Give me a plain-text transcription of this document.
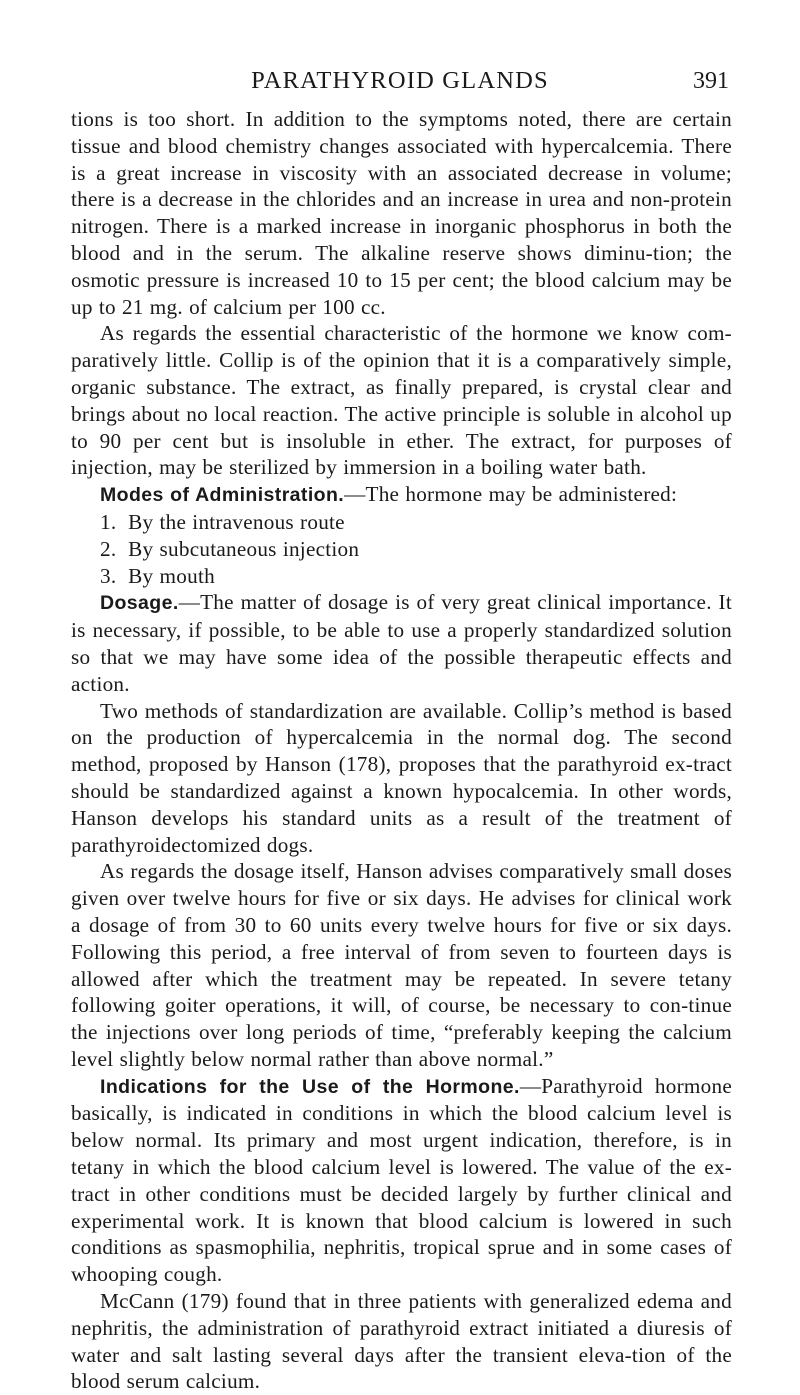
PARATHYROID GLANDS	391

tions is too short. In addition to the symptoms noted, there are certain tissue and blood chemistry changes associated with hypercalcemia. There is a great increase in viscosity with an associated decrease in volume; there is a decrease in the chlorides and an increase in urea and non-protein nitrogen. There is a marked increase in inorganic phosphorus in both the blood and in the serum. The alkaline reserve shows diminu-tion; the osmotic pressure is increased 10 to 15 per cent; the blood calcium may be up to 21 mg. of calcium per 100 cc.

As regards the essential characteristic of the hormone we know com-paratively little. Collip is of the opinion that it is a comparatively simple, organic substance. The extract, as finally prepared, is crystal clear and brings about no local reaction. The active principle is soluble in alcohol up to 90 per cent but is insoluble in ether. The extract, for purposes of injection, may be sterilized by immersion in a boiling water bath.

Modes of Administration.—The hormone may be administered:

1. By the intravenous route
2. By subcutaneous injection
3. By mouth

Dosage.—The matter of dosage is of very great clinical importance. It is necessary, if possible, to be able to use a properly standardized solution so that we may have some idea of the possible therapeutic effects and action.

Two methods of standardization are available. Collip’s method is based on the production of hypercalcemia in the normal dog. The second method, proposed by Hanson (178), proposes that the parathyroid ex-tract should be standardized against a known hypocalcemia. In other words, Hanson develops his standard units as a result of the treatment of parathyroidectomized dogs.

As regards the dosage itself, Hanson advises comparatively small doses given over twelve hours for five or six days. He advises for clinical work a dosage of from 30 to 60 units every twelve hours for five or six days. Following this period, a free interval of from seven to fourteen days is allowed after which the treatment may be repeated. In severe tetany following goiter operations, it will, of course, be necessary to con-tinue the injections over long periods of time, “preferably keeping the calcium level slightly below normal rather than above normal.”

Indications for the Use of the Hormone.—Parathyroid hormone basically, is indicated in conditions in which the blood calcium level is below normal. Its primary and most urgent indication, therefore, is in tetany in which the blood calcium level is lowered. The value of the ex-tract in other conditions must be decided largely by further clinical and experimental work. It is known that blood calcium is lowered in such conditions as spasmophilia, nephritis, tropical sprue and in some cases of whooping cough.

McCann (179) found that in three patients with generalized edema and nephritis, the administration of parathyroid extract initiated a diuresis of water and salt lasting several days after the transient eleva-tion of the blood serum calcium.
